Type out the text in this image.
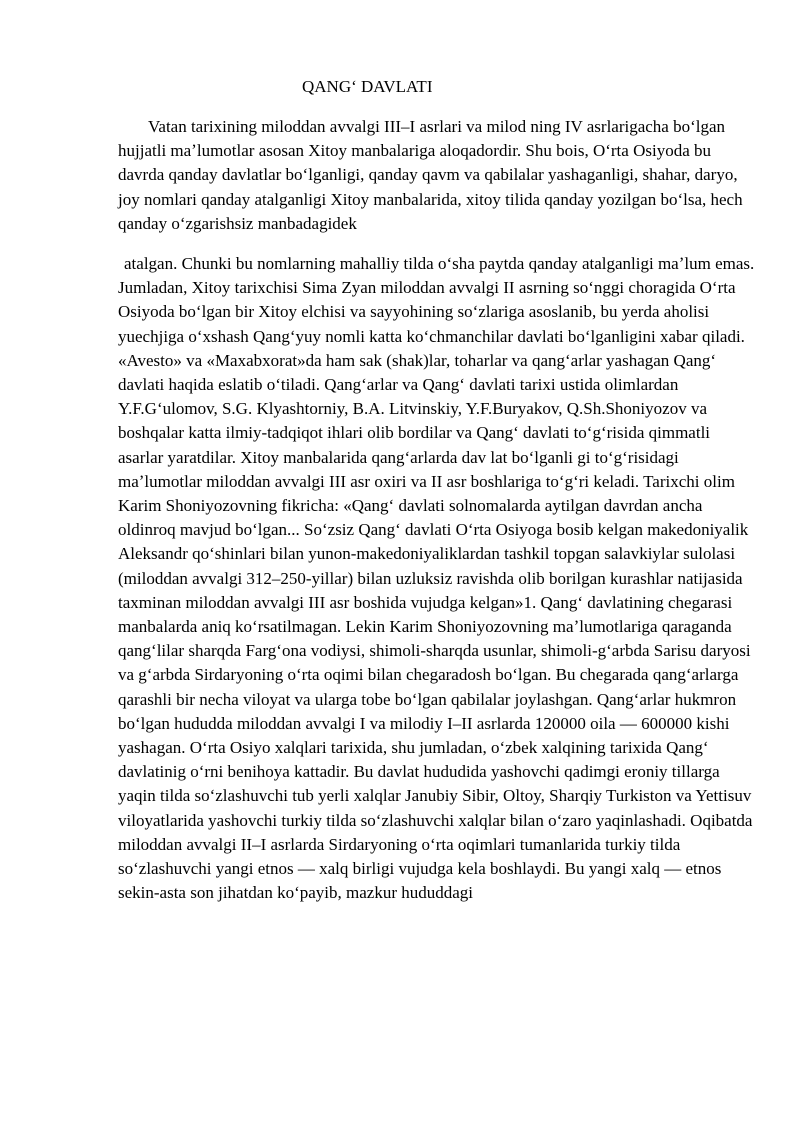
QANGʻ DAVLATI

Vatan tarixining miloddan avvalgi III–I asrlari va milod ning IV asrlarigacha boʻlgan hujjatli maʼlumotlar asosan Xitoy manbalariga aloqadordir. Shu bois, Oʻrta Osiyoda bu davrda qanday davlatlar boʻlganligi, qanday qavm va qabilalar yashaganligi, shahar, daryo, joy nomlari qanday atalganligi Xitoy manbalarida, xitoy tilida qanday yozilgan boʻlsa, hech qanday oʻzgarishsiz manbadagidek

atalgan. Chunki bu nomlarning mahalliy tilda oʻsha paytda qanday atalganligi maʼlum emas. Jumladan, Xitoy tarixchisi Sima Zyan miloddan avvalgi II asrning soʻnggi choragida Oʻrta Osiyoda boʻlgan bir Xitoy elchisi va sayyohining soʻzlariga asoslanib, bu yerda aholisi yuechjiga oʻxshash Qangʻyuy nomli katta koʻchmanchilar davlati boʻlganligini xabar qiladi. «Avesto» va «Maxabxorat»da ham sak (shak)lar, toharlar va qangʻarlar yashagan Qangʻ davlati haqida eslatib oʻtiladi. Qangʻarlar va Qangʻ davlati tarixi ustida olimlardan Y.F.Gʻulomov, S.G. Klyashtorniy, B.A. Litvinskiy, Y.F.Buryakov, Q.Sh.Shoniyozov va boshqalar katta ilmiy-tadqiqot ihlari olib bordilar va Qangʻ davlati toʻgʻrisida qimmatli asarlar yaratdilar. Xitoy manbalarida qangʻarlarda dav lat boʻlganli gi toʻgʻrisidagi maʼlumotlar miloddan avvalgi III asr oxiri va II asr boshlariga toʻgʻri keladi. Tarixchi olim Karim Shoniyozovning fikricha: «Qangʻ davlati solnomalarda aytilgan davrdan ancha oldinroq mavjud boʻlgan... Soʻzsiz Qangʻ davlati Oʻrta Osiyoga bosib kelgan makedoniyalik Aleksandr qoʻshinlari bilan yunon-makedoniyaliklardan tashkil topgan salavkiylar sulolasi (miloddan avvalgi 312–250-yillar) bilan uzluksiz ravishda olib borilgan kurashlar natijasida taxminan miloddan avvalgi III asr boshida vujudga kelgan»1. Qangʻ davlatining chegarasi manbalarda aniq koʻrsatilmagan. Lekin Karim Shoniyozovning maʼlumotlariga qaraganda qangʻlilar sharqda Fargʻona vodiysi, shimoli-sharqda usunlar, shimoli-gʻarbda Sarisu daryosi va gʻarbda Sirdaryoning oʻrta oqimi bilan chegaradosh boʻlgan. Bu chegarada qangʻarlarga qarashli bir necha viloyat va ularga tobe boʻlgan qabilalar joylashgan. Qangʻarlar hukmron boʻlgan hududda miloddan avvalgi I va milodiy I–II asrlarda 120000 oila — 600000 kishi yashagan. Oʻrta Osiyo xalqlari tarixida, shu jumladan, oʻzbek xalqining tarixida Qangʻ davlatinig oʻrni benihoya kattadir. Bu davlat hududida yashovchi qadimgi eroniy tillarga yaqin tilda soʻzlashuvchi tub yerli xalqlar Janubiy Sibir, Oltoy, Sharqiy Turkiston va Yettisuv viloyatlarida yashovchi turkiy tilda soʻzlashuvchi xalqlar bilan oʻzaro yaqinlashadi. Oqibatda miloddan avvalgi II–I asrlarda Sirdaryoning oʻrta oqimlari tumanlarida turkiy tilda soʻzlashuvchi yangi etnos — xalq birligi vujudga kela boshlaydi. Bu yangi xalq — etnos sekin-asta son jihatdan koʻpayib, mazkur hududdagi
